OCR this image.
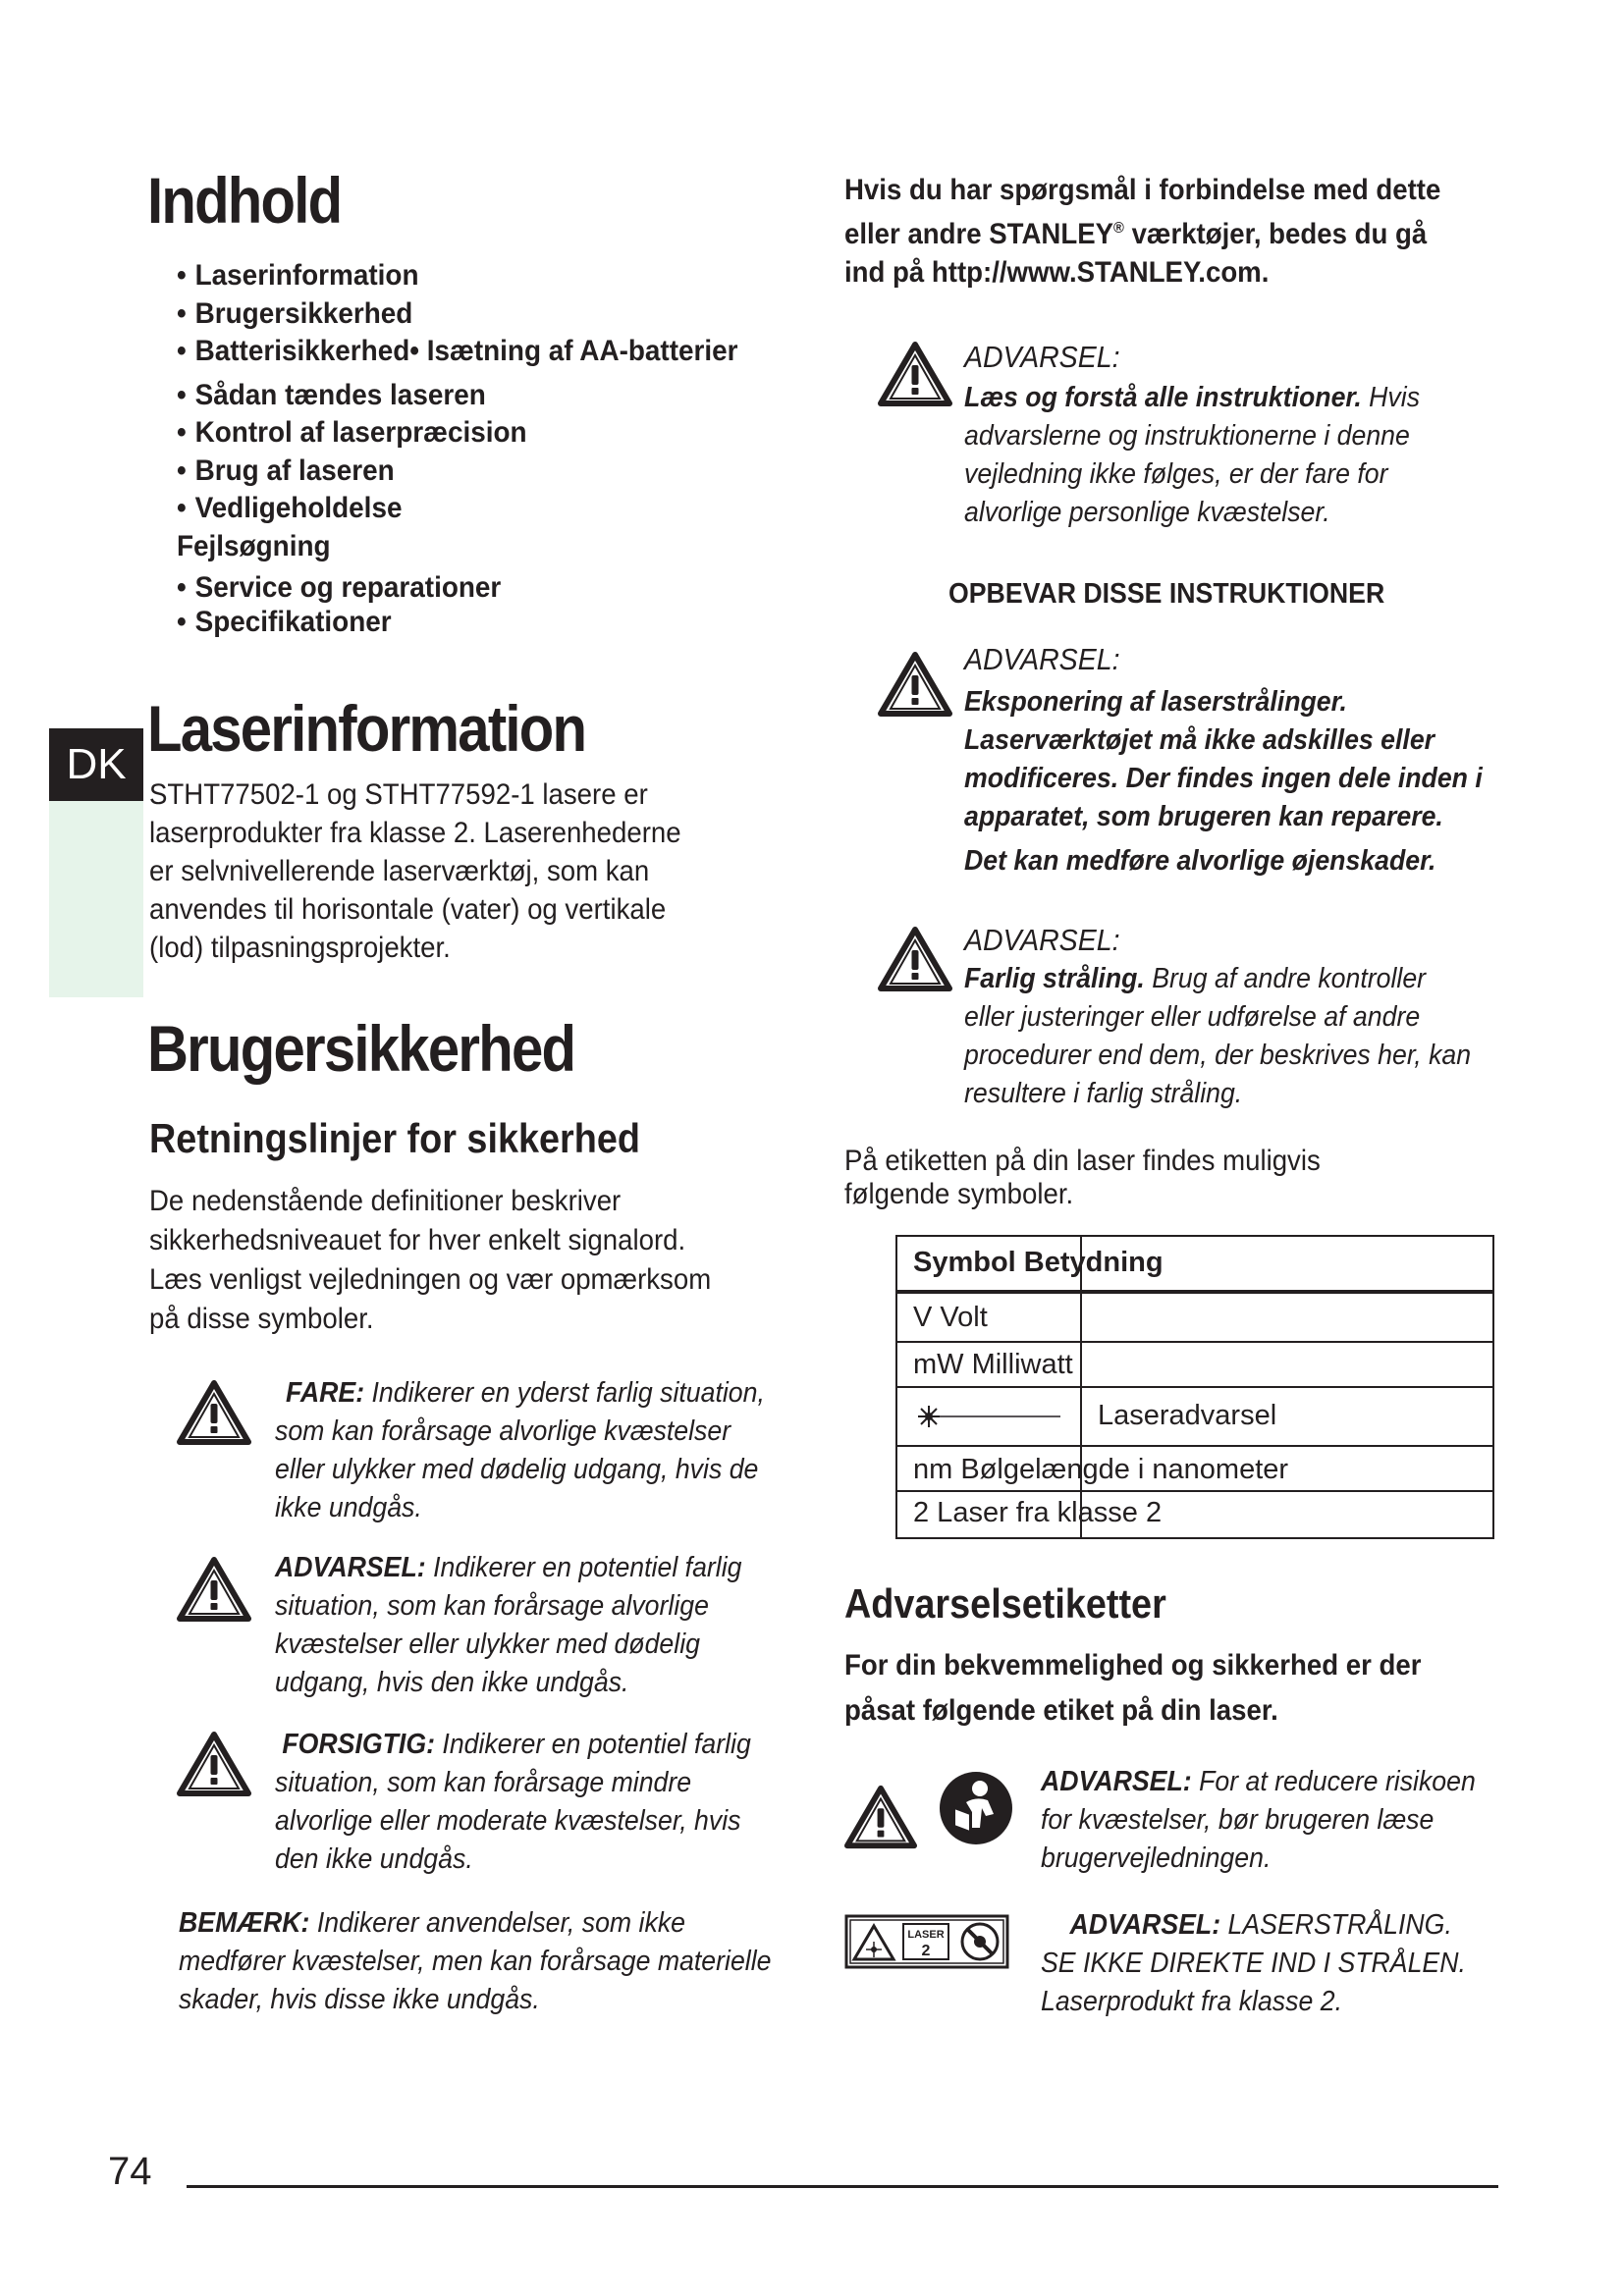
Indhold
• Laserinformation
• Brugersikkerhed
• Batterisikkerhed• Isætning af AA-batterier
• Sådan tændes laseren
• Kontrol af laserpræcision
• Brug af laseren
• Vedligeholdelse
Fejlsøgning
• Service og reparationer
• Specifikationer
DK Laserinformation

STHT77502-1 og STHT77592-1 lasere er laserprodukter fra klasse 2. Laserenhederne er selvnivellerende laserværktøj, som kan anvendes til horisontale (vater) og vertikale (lod) tilpasningsprojekter.

Brugersikkerhed
Retningslinjer for sikkerhed

De nedenstående definitioner beskriver sikkerhedsniveauet for hver enkelt signalord. Læs venligst vejledningen og vær opmærksom på disse symboler.

FARE: Indikerer en yderst farlig situation, som kan forårsage alvorlige kvæstelser eller ulykker med dødelig udgang, hvis de ikke undgås.

ADVARSEL: Indikerer en potentiel farlig situation, som kan forårsage alvorlige kvæstelser eller ulykker med dødelig udgang, hvis den ikke undgås.

FORSIGTIG: Indikerer en potentiel farlig situation, som kan forårsage mindre alvorlige eller moderate kvæstelser, hvis den ikke undgås.

BEMÆRK: Indikerer anvendelser, som ikke medfører kvæstelser, men kan forårsage materielle skader, hvis disse ikke undgås.

Hvis du har spørgsmål i forbindelse med dette eller andre STANLEY® værktøjer, bedes du gå ind på http://www.STANLEY.com.

ADVARSEL:

Læs og forstå alle instruktioner. Hvis advarslerne og instruktionerne i denne vejledning ikke følges, er der fare for alvorlige personlige kvæstelser.

OPBEVAR DISSE INSTRUKTIONER

ADVARSEL:

Eksponering af laserstrålinger. Laserværktøjet må ikke adskilles eller modificeres. Der findes ingen dele inden i apparatet, som brugeren kan reparere.
Det kan medføre alvorlige øjenskader.

ADVARSEL:

Farlig stråling. Brug af andre kontroller eller justeringer eller udførelse af andre procedurer end dem, der beskrives her, kan resultere i farlig stråling.

På etiketten på din laser findes muligvis følgende symboler.

Symbol Betydning
V Volt
mW Milliwatt
Laseradvarsel
nm Bølgelængde i nanometer
2 Laser fra klasse 2
Advarselsetiketter

For din bekvemmelighed og sikkerhed er der påsat følgende etiket på din laser.

ADVARSEL: For at reducere risikoen for kvæstelser, bør brugeren læse brugervejledningen.

LASER
2

ADVARSEL: LASERSTRÅLING. SE IKKE DIREKTE IND I STRÅLEN.
Laserprodukt fra klasse 2.

74
